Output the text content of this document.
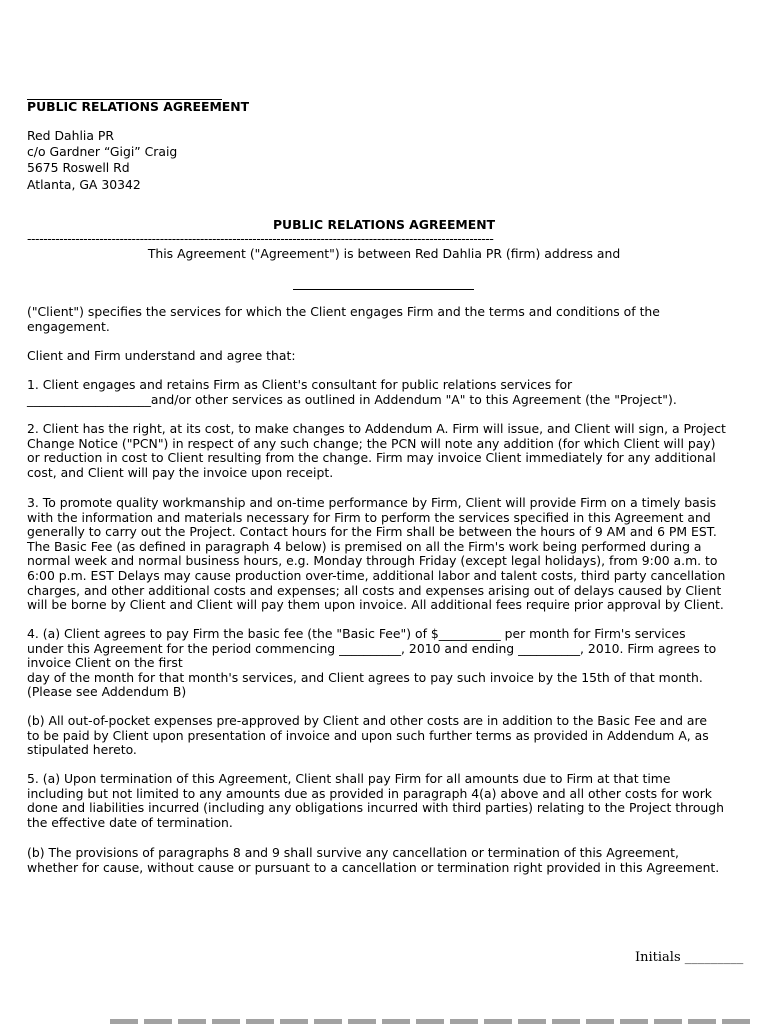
PUBLIC RELATIONS AGREEMENT
Red Dahlia PR
c/o Gardner “Gigi” Craig
5675 Roswell Rd
Atlanta, GA 30342
PUBLIC RELATIONS AGREEMENT
--------------------------------------------------------------------------------------------------------------------
This Agreement ("Agreement") is between Red Dahlia PR (firm) address and
("Client") specifies the services for which the Client engages Firm and the terms and conditions of the
engagement.
Client and Firm understand and agree that:
1. Client engages and retains Firm as Client's consultant for public relations services for
____________________and/or other services as outlined in Addendum "A" to this Agreement (the "Project").
2. Client has the right, at its cost, to make changes to Addendum A. Firm will issue, and Client will sign, a Project
Change Notice ("PCN") in respect of any such change; the PCN will note any addition (for which Client will pay)
or reduction in cost to Client resulting from the change. Firm may invoice Client immediately for any additional
cost, and Client will pay the invoice upon receipt.
3. To promote quality workmanship and on-time performance by Firm, Client will provide Firm on a timely basis
with the information and materials necessary for Firm to perform the services specified in this Agreement and
generally to carry out the Project. Contact hours for the Firm shall be between the hours of 9 AM and 6 PM EST.
The Basic Fee (as defined in paragraph 4 below) is premised on all the Firm's work being performed during a
normal week and normal business hours, e.g. Monday through Friday (except legal holidays), from 9:00 a.m. to
6:00 p.m. EST Delays may cause production over-time, additional labor and talent costs, third party cancellation
charges, and other additional costs and expenses; all costs and expenses arising out of delays caused by Client
will be borne by Client and Client will pay them upon invoice. All additional fees require prior approval by Client.
4. (a) Client agrees to pay Firm the basic fee (the "Basic Fee") of $__________ per month for Firm's services
under this Agreement for the period commencing __________, 2010 and ending __________, 2010. Firm agrees to
invoice Client on the first
day of the month for that month's services, and Client agrees to pay such invoice by the 15th of that month.
(Please see Addendum B)
(b) All out-of-pocket expenses pre-approved by Client and other costs are in addition to the Basic Fee and are
to be paid by Client upon presentation of invoice and upon such further terms as provided in Addendum A, as
stipulated hereto.
5. (a) Upon termination of this Agreement, Client shall pay Firm for all amounts due to Firm at that time
including but not limited to any amounts due as provided in paragraph 4(a) above and all other costs for work
done and liabilities incurred (including any obligations incurred with third parties) relating to the Project through
the effective date of termination.
(b) The provisions of paragraphs 8 and 9 shall survive any cancellation or termination of this Agreement,
whether for cause, without cause or pursuant to a cancellation or termination right provided in this Agreement.
Initials _________
